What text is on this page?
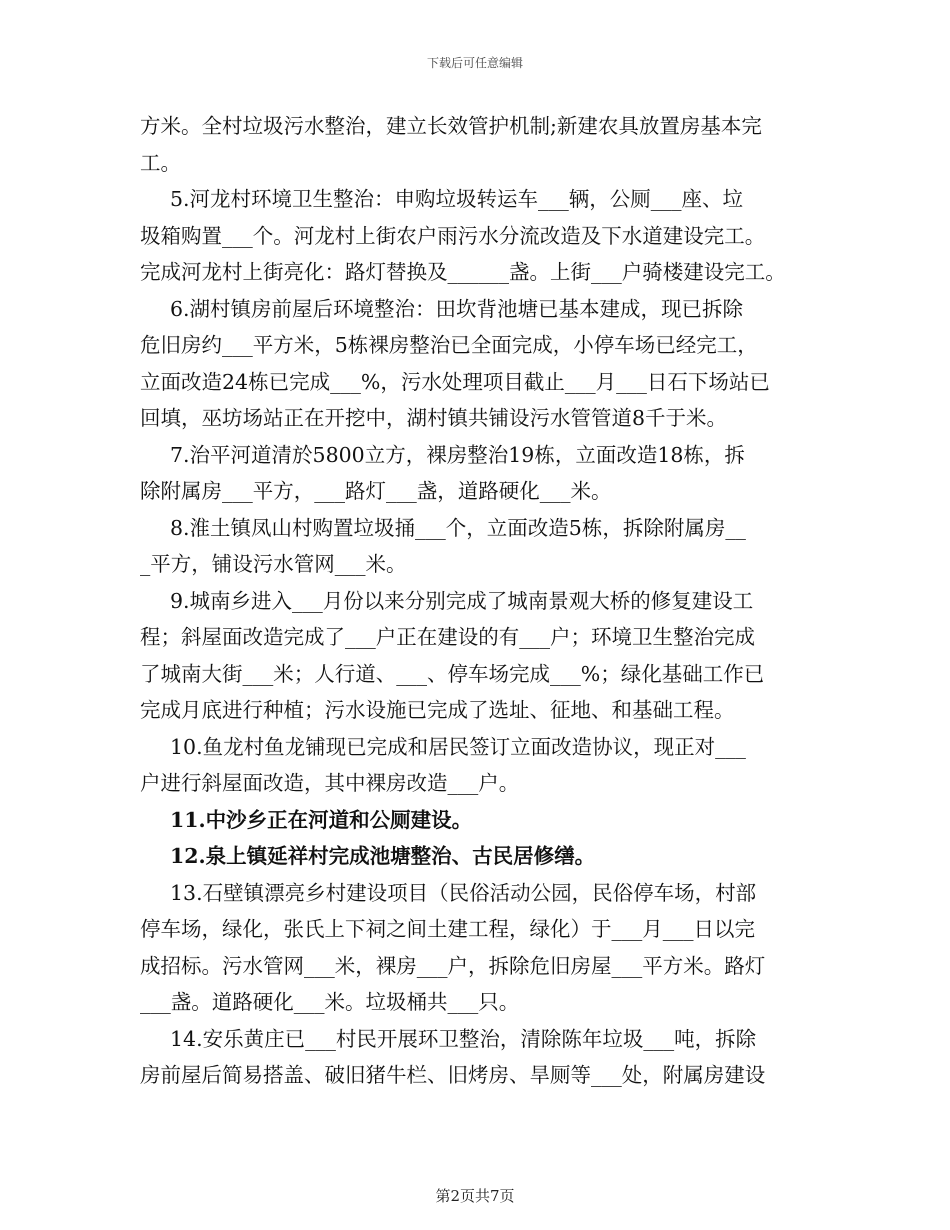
下载后可任意编辑
方米。全村垃圾污水整治，建立长效管护机制;新建农具放置房基本完
工。
5.河龙村环境卫生整治：申购垃圾转运车___辆，公厕___座、垃
圾箱购置___个。河龙村上街农户雨污水分流改造及下水道建设完工。
完成河龙村上街亮化：路灯替换及______盏。上街___户骑楼建设完工。
6.湖村镇房前屋后环境整治：田坎背池塘已基本建成，现已拆除
危旧房约___平方米，5栋裸房整治已全面完成，小停车场已经完工，
立面改造24栋已完成___%，污水处理项目截止___月___日石下场站已
回填，巫坊场站正在开挖中，湖村镇共铺设污水管管道8千于米。
7.治平河道清於5800立方，裸房整治19栋，立面改造18栋，拆
除附属房___平方，___路灯___盏，道路硬化___米。
8.淮土镇凤山村购置垃圾捅___个，立面改造5栋，拆除附属房__
_平方，铺设污水管网___米。
9.城南乡进入___月份以来分别完成了城南景观大桥的修复建设工
程；斜屋面改造完成了___户正在建设的有___户；环境卫生整治完成
了城南大街___米；人行道、___、停车场完成___%；绿化基础工作已
完成月底进行种植；污水设施已完成了选址、征地、和基础工程。
10.鱼龙村鱼龙铺现已完成和居民签订立面改造协议，现正对___
户进行斜屋面改造，其中裸房改造___户。
11.中沙乡正在河道和公厕建设。
12.泉上镇延祥村完成池塘整治、古民居修缮。
13.石壁镇漂亮乡村建设项目（民俗活动公园，民俗停车场，村部
停车场，绿化，张氏上下祠之间土建工程，绿化）于___月___日以完
成招标。污水管网___米，裸房___户，拆除危旧房屋___平方米。路灯
___盏。道路硬化___米。垃圾桶共___只。
14.安乐黄庄已___村民开展环卫整治，清除陈年垃圾___吨，拆除
房前屋后简易搭盖、破旧猪牛栏、旧烤房、旱厕等___处，附属房建设
第2页共7页
